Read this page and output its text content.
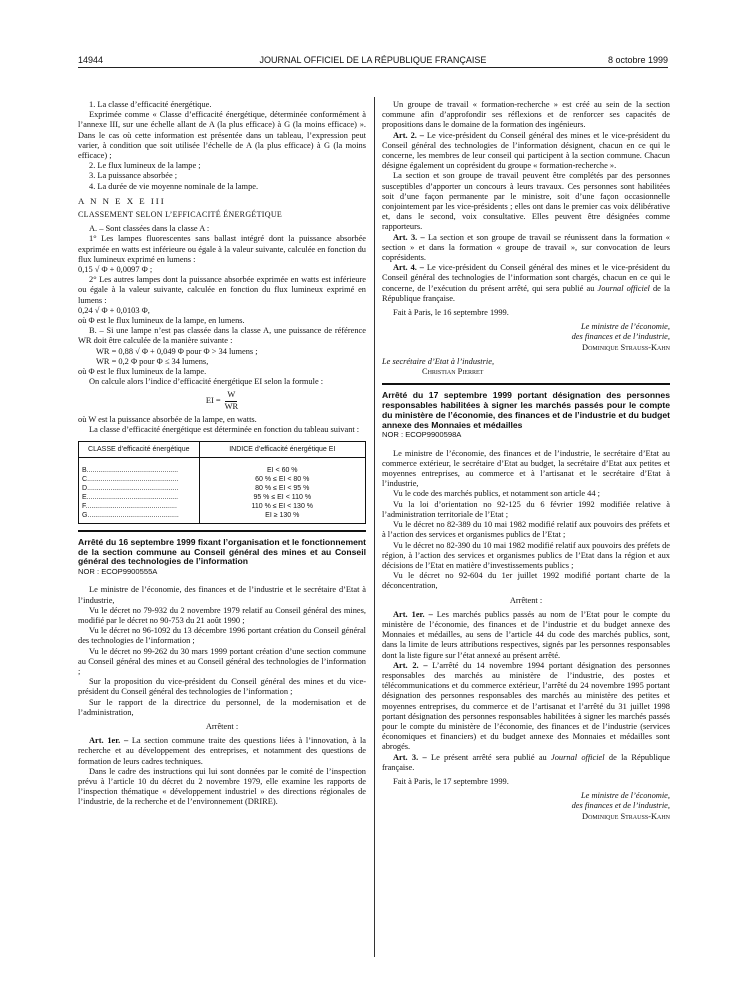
14944	JOURNAL OFFICIEL DE LA RÉPUBLIQUE FRANÇAISE	8 octobre 1999

1. La classe d’efficacité énergétique.

Exprimée comme « Classe d’efficacité énergétique, déterminée conformément à l’annexe III, sur une échelle allant de A (la plus efficace) à G (la moins efficace) ». Dans le cas où cette information est présentée dans un tableau, l’expression peut varier, à condition que soit utilisée l’échelle de A (la plus efficace) à G (la moins efficace) ;

2. Le flux lumineux de la lampe ;

3. La puissance absorbée ;

4. La durée de vie moyenne nominale de la lampe.

A N N E X E III

CLASSEMENT SELON L’EFFICACITÉ ÉNERGÉTIQUE

A. – Sont classées dans la classe A :

1° Les lampes fluorescentes sans ballast intégré dont la puissance absorbée exprimée en watts est inférieure ou égale à la valeur suivante, calculée en fonction du flux lumineux exprimé en lumens :

0,15 √ Φ + 0,0097 Φ ;

2° Les autres lampes dont la puissance absorbée exprimée en watts est inférieure ou égale à la valeur suivante, calculée en fonction du flux lumineux exprimé en lumens :

0,24 √ Φ + 0,0103 Φ,

où Φ est le flux lumineux de la lampe, en lumens.

B. – Si une lampe n’est pas classée dans la classe A, une puissance de référence WR doit être calculée de la manière suivante :

WR = 0,88 √ Φ + 0,049 Φ pour Φ > 34 lumens ;

WR = 0,2 Φ pour Φ ≤ 34 lumens,

où Φ est le flux lumineux de la lampe.

On calcule alors l’indice d’efficacité énergétique EI selon la formule :

EI = $\frac{W}{WR}$

où W est la puissance absorbée de la lampe, en watts.

La classe d’efficacité énergétique est déterminée en fonction du tableau suivant :

CLASSE d’efficacité énergétique	INDICE d’efficacité énergétique EI

B...............................................	EI < 60 %
C...............................................	60 % ≤ EI < 80 %
D...............................................	80 % ≤ EI < 95 %
E...............................................	95 % ≤ EI < 110 %
F...............................................	110 % ≤ EI < 130 %
G...............................................	EI ≥ 130 %

Arrêté du 16 septembre 1999 fixant l’organisation et le fonctionnement de la section commune au Conseil général des mines et au Conseil général des technologies de l’information

NOR : ECOP9900555A

Le ministre de l’économie, des finances et de l’industrie et le secrétaire d’Etat à l’industrie,

Vu le décret no 79-932 du 2 novembre 1979 relatif au Conseil général des mines, modifié par le décret no 90-753 du 21 août 1990 ;

Vu le décret no 96-1092 du 13 décembre 1996 portant création du Conseil général des technologies de l’information ;

Vu le décret no 99-262 du 30 mars 1999 portant création d’une section commune au Conseil général des mines et au Conseil général des technologies de l’information ;

Sur la proposition du vice-président du Conseil général des mines et du vice-président du Conseil général des technologies de l’information ;

Sur le rapport de la directrice du personnel, de la modernisation et de l’administration,

Arrêtent :

Art. 1er. – La section commune traite des questions liées à l’innovation, à la recherche et au développement des entreprises, et notamment des questions de formation de leurs cadres techniques.

Dans le cadre des instructions qui lui sont données par le comité de l’inspection prévu à l’article 10 du décret du 2 novembre 1979, elle examine les rapports de l’inspection thématique « développement industriel » des directions régionales de l’industrie, de la recherche et de l’environnement (DRIRE).

Un groupe de travail « formation-recherche » est créé au sein de la section commune afin d’approfondir ses réflexions et de renforcer ses capacités de propositions dans le domaine de la formation des ingénieurs.

Art. 2. – Le vice-président du Conseil général des mines et le vice-président du Conseil général des technologies de l’information désignent, chacun en ce qui le concerne, les membres de leur conseil qui participent à la section commune. Chacun désigne également un coprésident du groupe « formation-recherche ».

La section et son groupe de travail peuvent être complétés par des personnes susceptibles d’apporter un concours à leurs travaux. Ces personnes sont habilitées soit d’une façon permanente par le ministre, soit d’une façon occasionnelle conjointement par les vice-présidents ; elles ont dans le premier cas voix délibérative et, dans le second, voix consultative. Elles peuvent être désignées comme rapporteurs.

Art. 3. – La section et son groupe de travail se réunissent dans la formation « section » et dans la formation « groupe de travail », sur convocation de leurs coprésidents.

Art. 4. – Le vice-président du Conseil général des mines et le vice-président du Conseil général des technologies de l’information sont chargés, chacun en ce qui le concerne, de l’exécution du présent arrêté, qui sera publié au Journal officiel de la République française.

Fait à Paris, le 16 septembre 1999.

Le ministre de l’économie,

des finances et de l’industrie,

Dominique Strauss-Kahn

Le secrétaire d’Etat à l’industrie,

Christian Pierret

Arrêté du 17 septembre 1999 portant désignation des personnes responsables habilitées à signer les marchés passés pour le compte du ministère de l’économie, des finances et de l’industrie et du budget annexe des Monnaies et médailles

NOR : ECOP9900598A

Le ministre de l’économie, des finances et de l’industrie, le secrétaire d’Etat au commerce extérieur, le secrétaire d’Etat au budget, la secrétaire d’Etat aux petites et moyennes entreprises, au commerce et à l’artisanat et le secrétaire d’Etat à l’industrie,

Vu le code des marchés publics, et notamment son article 44 ;

Vu la loi d’orientation no 92-125 du 6 février 1992 modifiée relative à l’administration territoriale de l’Etat ;

Vu le décret no 82-389 du 10 mai 1982 modifié relatif aux pouvoirs des préfets et à l’action des services et organismes publics de l’Etat ;

Vu le décret no 82-390 du 10 mai 1982 modifié relatif aux pouvoirs des préfets de région, à l’action des services et organismes publics de l’Etat dans la région et aux décisions de l’Etat en matière d’investissements publics ;

Vu le décret no 92-604 du 1er juillet 1992 modifié portant charte de la déconcentration,

Arrêtent :

Art. 1er. – Les marchés publics passés au nom de l’Etat pour le compte du ministère de l’économie, des finances et de l’industrie et du budget annexe des Monnaies et médailles, au sens de l’article 44 du code des marchés publics, sont, dans la limite de leurs attributions respectives, signés par les personnes responsables dont la liste figure sur l’état annexé au présent arrêté.

Art. 2. – L’arrêté du 14 novembre 1994 portant désignation des personnes responsables des marchés au ministère de l’industrie, des postes et télécommunications et du commerce extérieur, l’arrêté du 24 novembre 1995 portant désignation des personnes responsables des marchés au ministère des petites et moyennes entreprises, du commerce et de l’artisanat et l’arrêté du 31 juillet 1998 portant désignation des personnes responsables habilitées à signer les marchés passés pour le compte du ministère de l’économie, des finances et de l’industrie (services économiques et financiers) et du budget annexe des Monnaies et médailles sont abrogés.

Art. 3. – Le présent arrêté sera publié au Journal officiel de la République française.

Fait à Paris, le 17 septembre 1999.

Le ministre de l’économie,

des finances et de l’industrie,

Dominique Strauss-Kahn
